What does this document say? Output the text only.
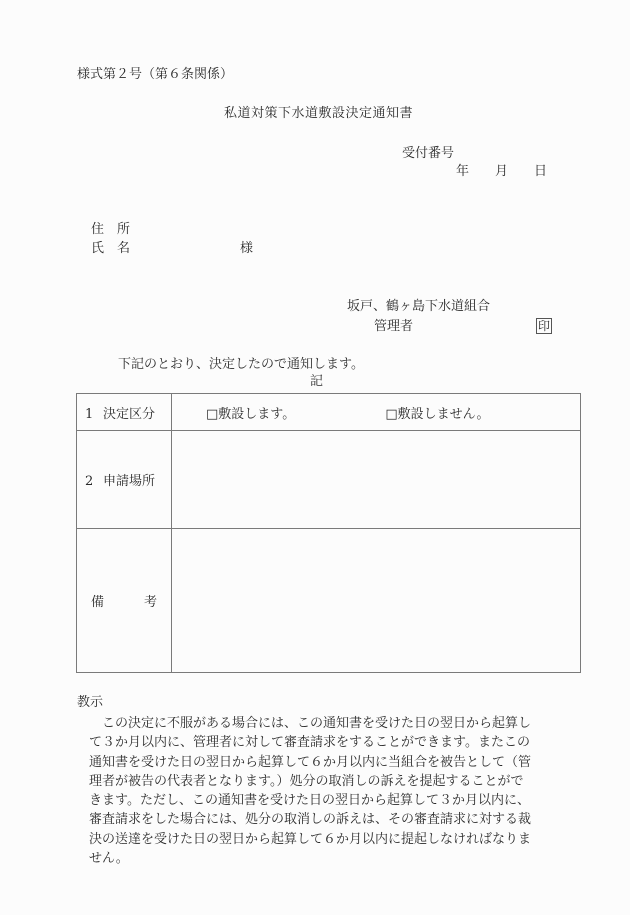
様式第２号（第６条関係）
私道対策下水道敷設決定通知書
受付番号
年 月 日
住　所
氏　名	様
坂戸、鶴ヶ島下水道組合
管理者	印
下記のとおり、決定したので通知します。
記
1 決定区分	□敷設します。 □敷設しません。
2 申請場所	

備 考	

教示
この決定に不服がある場合には、この通知書を受けた日の翌日から起算し
て３か月以内に、管理者に対して審査請求をすることができます。またこの
通知書を受けた日の翌日から起算して６か月以内に当組合を被告として（管
理者が被告の代表者となります。）処分の取消しの訴えを提起することがで
きます。ただし、この通知書を受けた日の翌日から起算して３か月以内に、
審査請求をした場合には、処分の取消しの訴えは、その審査請求に対する裁
決の送達を受けた日の翌日から起算して６か月以内に提起しなければなりま
せん。
